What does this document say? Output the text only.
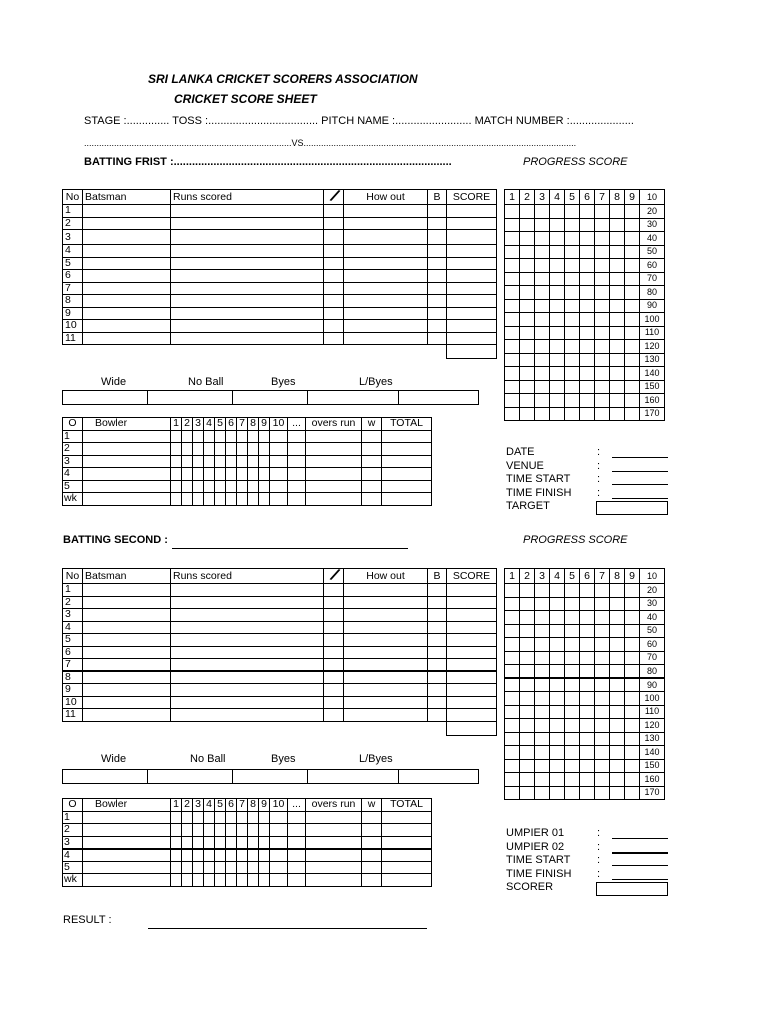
SRI LANKA CRICKET SCORERS ASSOCIATION
CRICKET SCORE SHEET
STAGE :.............. TOSS :.................................... PITCH NAME :......................... MATCH NUMBER :.....................
...................................................................................VS.............................................................................................................
BATTING FRIST :...........................................................................................	PROGRESS SCORE
No	Batsman	Runs scored		How out	B	SCORE
1						
2						
3						
4						
5						
6						
7						
8						
9						
10						
11						

Wide	No Ball	Byes	L/Byes

O	Bowler	1	2	3	4	5	6	7	8	9	10	...	overs run	w	TOTAL
1															
2															
3															
4															
5															
wk															
1	2	3	4	5	6	7	8	9	10
									20
									30
									40
									50
									60
									70
									80
									90
									100
									110
									120
									130
									140
									150
									160
									170
DATE	:
VENUE	:
TIME START :
TIME FINISH :
TARGET
BATTING SECOND :	PROGRESS SCORE
No	Batsman	Runs scored		How out	B	SCORE
1						
2						
3						
4						
5						
6						
7						
8						
9						
10						
11						

Wide	No Ball	Byes	L/Byes

O	Bowler	1	2	3	4	5	6	7	8	9	10	...	overs run	w	TOTAL
1															
2															
3															
4															
5															
wk															
1	2	3	4	5	6	7	8	9	10
									20
									30
									40
									50
									60
									70
									80
									90
									100
									110
									120
									130
									140
									150
									160
									170
UMPIER 01	:
UMPIER 02	:
TIME START :
TIME FINISH :
SCORER
RESULT :
